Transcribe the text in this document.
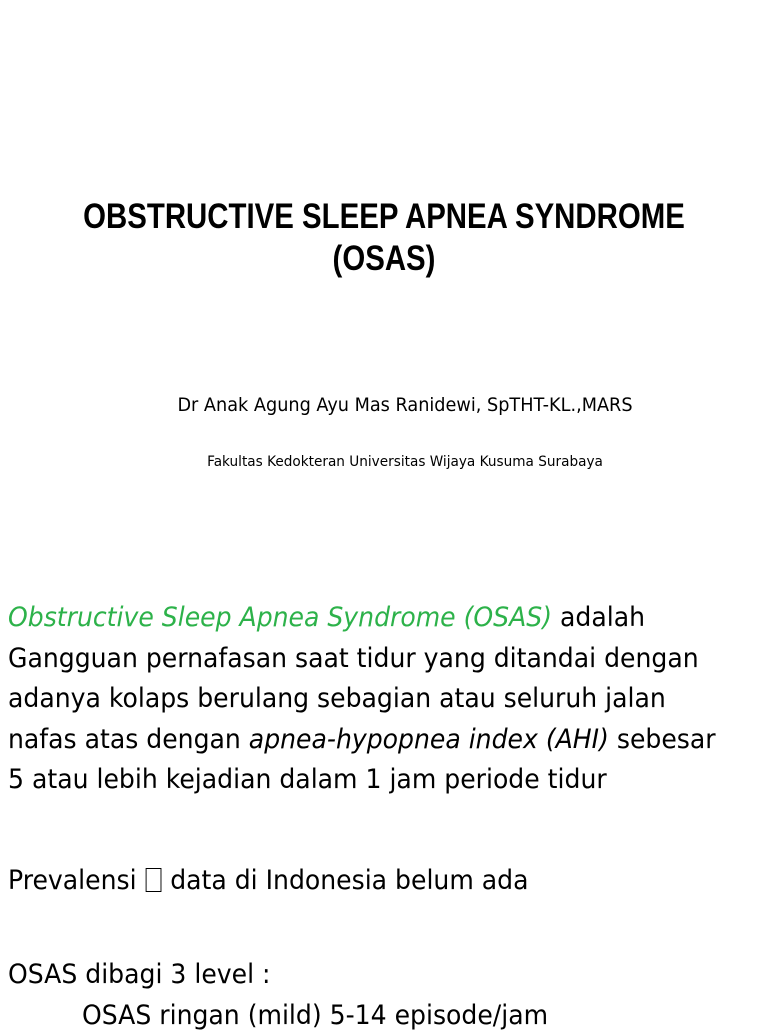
OBSTRUCTIVE SLEEP APNEA SYNDROME
(OSAS)
Dr Anak Agung Ayu Mas Ranidewi, SpTHT-KL.,MARS
Fakultas Kedokteran Universitas Wijaya Kusuma Surabaya
Obstructive Sleep Apnea Syndrome (OSAS) adalah
Gangguan pernafasan saat tidur yang ditandai dengan
adanya kolaps berulang sebagian atau seluruh jalan
nafas atas dengan apnea-hypopnea index (AHI) sebesar
5 atau lebih kejadian dalam 1 jam periode tidur
Prevalensi  data di Indonesia belum ada
OSAS dibagi 3 level :
OSAS ringan (mild) 5-14 episode/jam
